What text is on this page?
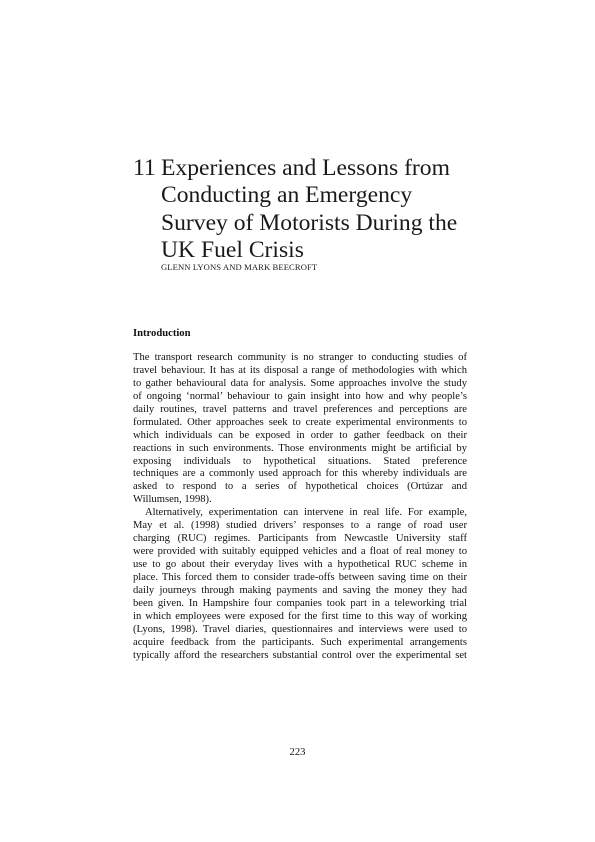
11 Experiences and Lessons from
Conducting an Emergency
Survey of Motorists During the
UK Fuel Crisis
GLENN LYONS AND MARK BEECROFT
Introduction
The transport research community is no stranger to conducting studies of
travel behaviour. It has at its disposal a range of methodologies with which
to gather behavioural data for analysis. Some approaches involve the study
of ongoing ‘normal’ behaviour to gain insight into how and why people’s
daily routines, travel patterns and travel preferences and perceptions are
formulated. Other approaches seek to create experimental environments to
which individuals can be exposed in order to gather feedback on their
reactions in such environments. Those environments might be artificial by
exposing individuals to hypothetical situations. Stated preference
techniques are a commonly used approach for this whereby individuals are
asked to respond to a series of hypothetical choices (Ortúzar and
Willumsen, 1998).
Alternatively, experimentation can intervene in real life. For example,
May et al. (1998) studied drivers’ responses to a range of road user
charging (RUC) regimes. Participants from Newcastle University staff
were provided with suitably equipped vehicles and a float of real money to
use to go about their everyday lives with a hypothetical RUC scheme in
place. This forced them to consider trade-offs between saving time on their
daily journeys through making payments and saving the money they had
been given. In Hampshire four companies took part in a teleworking trial
in which employees were exposed for the first time to this way of working
(Lyons, 1998). Travel diaries, questionnaires and interviews were used to
acquire feedback from the participants. Such experimental arrangements
typically afford the researchers substantial control over the experimental set
223
